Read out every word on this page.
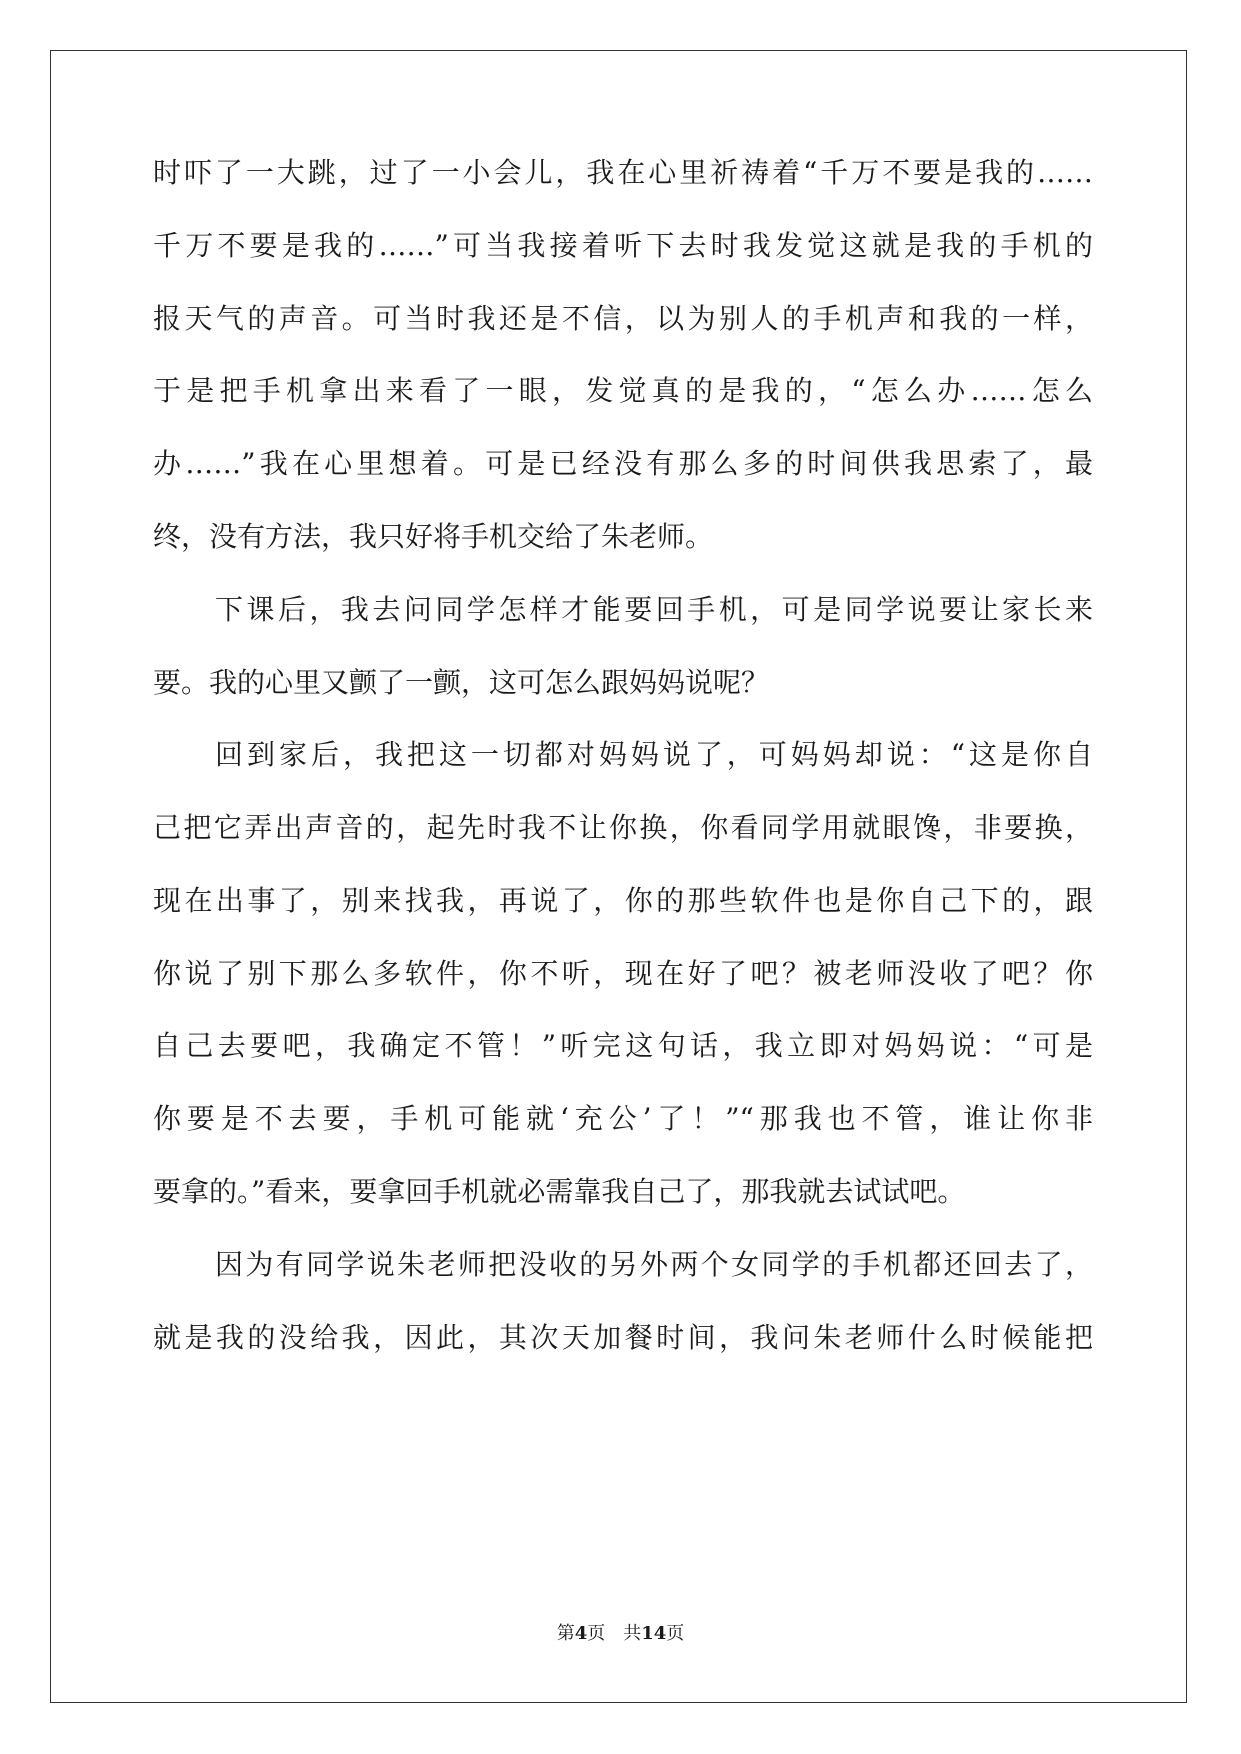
时吓了一大跳，过了一小会儿，我在心里祈祷着“千万不要是我的……
千万不要是我的……”可当我接着听下去时我发觉这就是我的手机的
报天气的声音。可当时我还是不信，以为别人的手机声和我的一样，
于是把手机拿出来看了一眼，发觉真的是我的，“怎么办……怎么
办……”我在心里想着。可是已经没有那么多的时间供我思索了，最
终，没有方法，我只好将手机交给了朱老师。
下课后，我去问同学怎样才能要回手机，可是同学说要让家长来
要。我的心里又颤了一颤，这可怎么跟妈妈说呢？
回到家后，我把这一切都对妈妈说了，可妈妈却说：“这是你自
己把它弄出声音的，起先时我不让你换，你看同学用就眼馋，非要换，
现在出事了，别来找我，再说了，你的那些软件也是你自己下的，跟
你说了别下那么多软件，你不听，现在好了吧？被老师没收了吧？你
自己去要吧，我确定不管！”听完这句话，我立即对妈妈说：“可是
你要是不去要，手机可能就‘充公’了！”“那我也不管，谁让你非
要拿的。”看来，要拿回手机就必需靠我自己了，那我就去试试吧。
因为有同学说朱老师把没收的另外两个女同学的手机都还回去了，
就是我的没给我，因此，其次天加餐时间，我问朱老师什么时候能把
第4页 共14页
